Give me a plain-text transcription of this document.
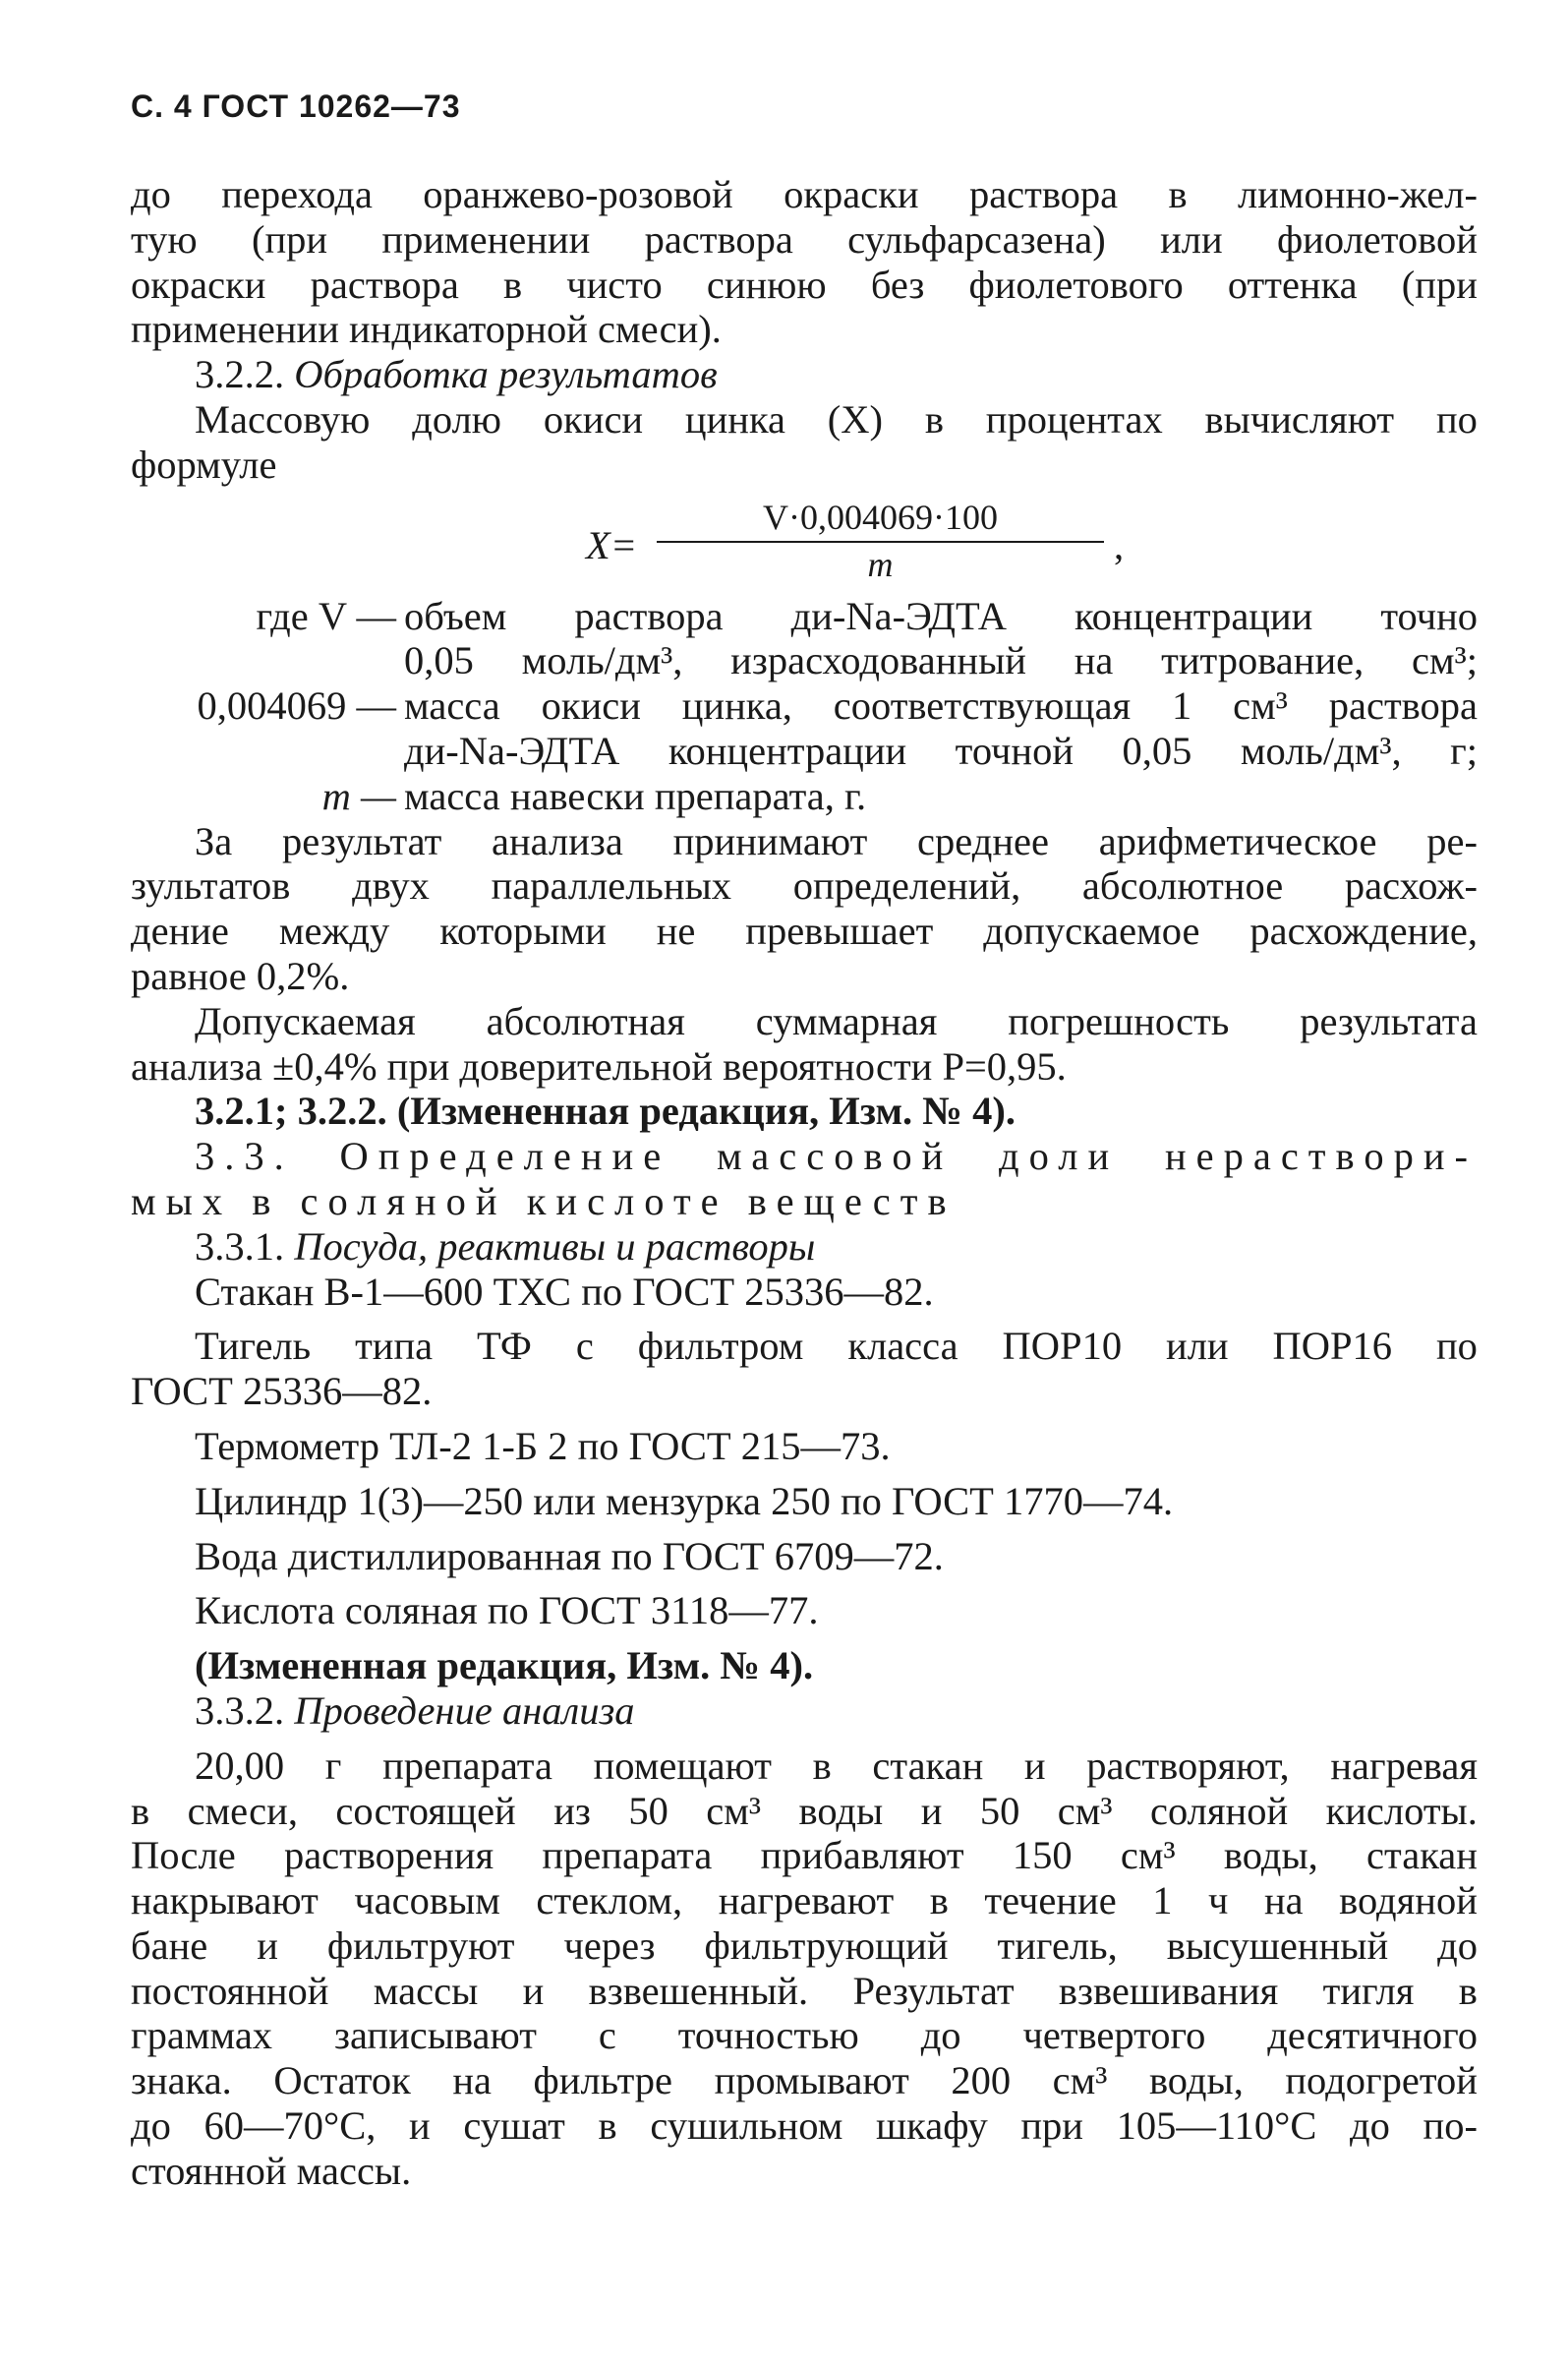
С. 4 ГОСТ 10262—73
до перехода оранжево-розовой окраски раствора в лимонно-жел-
тую (при применении раствора сульфарсазена) или фиолетовой
окраски раствора в чисто синюю без фиолетового оттенка (при
применении индикаторной смеси).
3.2.2. Обработка результатов
Массовую долю окиси цинка (X) в процентах вычисляют по
формуле
$X= \frac{V\cdot 0,004069\cdot 100}{m}$ ,
где V — объем раствора ди-Na-ЭДТА концентрации точно
0,05 моль/дм³, израсходованный на титрование, см³;
0,004069 — масса окиси цинка, соответствующая 1 см³ раствора
ди-Na-ЭДТА концентрации точной 0,05 моль/дм³, г;
m — масса навески препарата, г.
За результат анализа принимают среднее арифметическое ре-
зультатов двух параллельных определений, абсолютное расхож-
дение между которыми не превышает допускаемое расхождение,
равное 0,2%.
Допускаемая абсолютная суммарная погрешность результата
анализа ±0,4% при доверительной вероятности P=0,95.
3.2.1; 3.2.2. (Измененная редакция, Изм. № 4).
3.3. Определение массовой доли нераствори-
мых в соляной кислоте веществ
3.3.1. Посуда, реактивы и растворы
Стакан В-1—600 ТХС по ГОСТ 25336—82.
Тигель типа ТФ с фильтром класса ПОР10 или ПОР16 по
ГОСТ 25336—82.
Термометр ТЛ-2 1-Б 2 по ГОСТ 215—73.
Цилиндр 1(3)—250 или мензурка 250 по ГОСТ 1770—74.
Вода дистиллированная по ГОСТ 6709—72.
Кислота соляная по ГОСТ 3118—77.
(Измененная редакция, Изм. № 4).
3.3.2. Проведение анализа
20,00 г препарата помещают в стакан и растворяют, нагревая
в смеси, состоящей из 50 см³ воды и 50 см³ соляной кислоты.
После растворения препарата прибавляют 150 см³ воды, стакан
накрывают часовым стеклом, нагревают в течение 1 ч на водяной
бане и фильтруют через фильтрующий тигель, высушенный до
постоянной массы и взвешенный. Результат взвешивания тигля в
граммах записывают с точностью до четвертого десятичного
знака. Остаток на фильтре промывают 200 см³ воды, подогретой
до 60—70°С, и сушат в сушильном шкафу при 105—110°С до по-
стоянной массы.
